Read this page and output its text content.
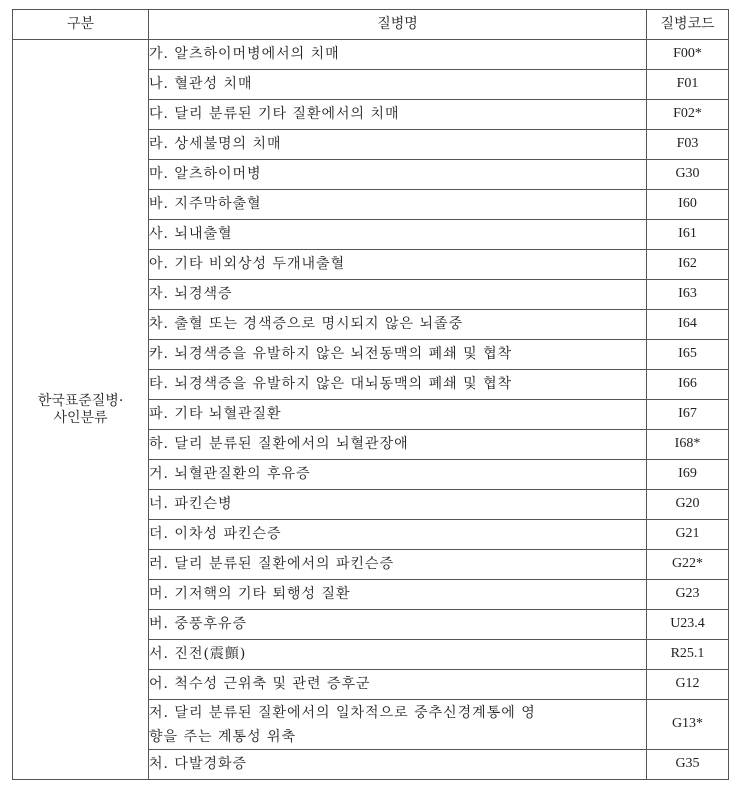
구분	질병명	질병코드
한국표준질병·
사인분류	가. 알츠하이머병에서의 치매	F00*
	나. 혈관성 치매	F01
	다. 달리 분류된 기타 질환에서의 치매	F02*
	라. 상세불명의 치매	F03
	마. 알츠하이머병	G30
	바. 지주막하출혈	I60
	사. 뇌내출혈	I61
	아. 기타 비외상성 두개내출혈	I62
	자. 뇌경색증	I63
	차. 출혈 또는 경색증으로 명시되지 않은 뇌졸중	I64
	카. 뇌경색증을 유발하지 않은 뇌전동맥의 폐쇄 및 협착	I65
	타. 뇌경색증을 유발하지 않은 대뇌동맥의 폐쇄 및 협착	I66
	파. 기타 뇌혈관질환	I67
	하. 달리 분류된 질환에서의 뇌혈관장애	I68*
	거. 뇌혈관질환의 후유증	I69
	너. 파킨슨병	G20
	더. 이차성 파킨슨증	G21
	러. 달리 분류된 질환에서의 파킨슨증	G22*
	머. 기저핵의 기타 퇴행성 질환	G23
	버. 중풍후유증	U23.4
	서. 진전(震顫)	R25.1
	어. 척수성 근위축 및 관련 증후군	G12
	저. 달리 분류된 질환에서의 일차적으로 중추신경계통에 영
향을 주는 계통성 위축	G13*
	처. 다발경화증	G35
